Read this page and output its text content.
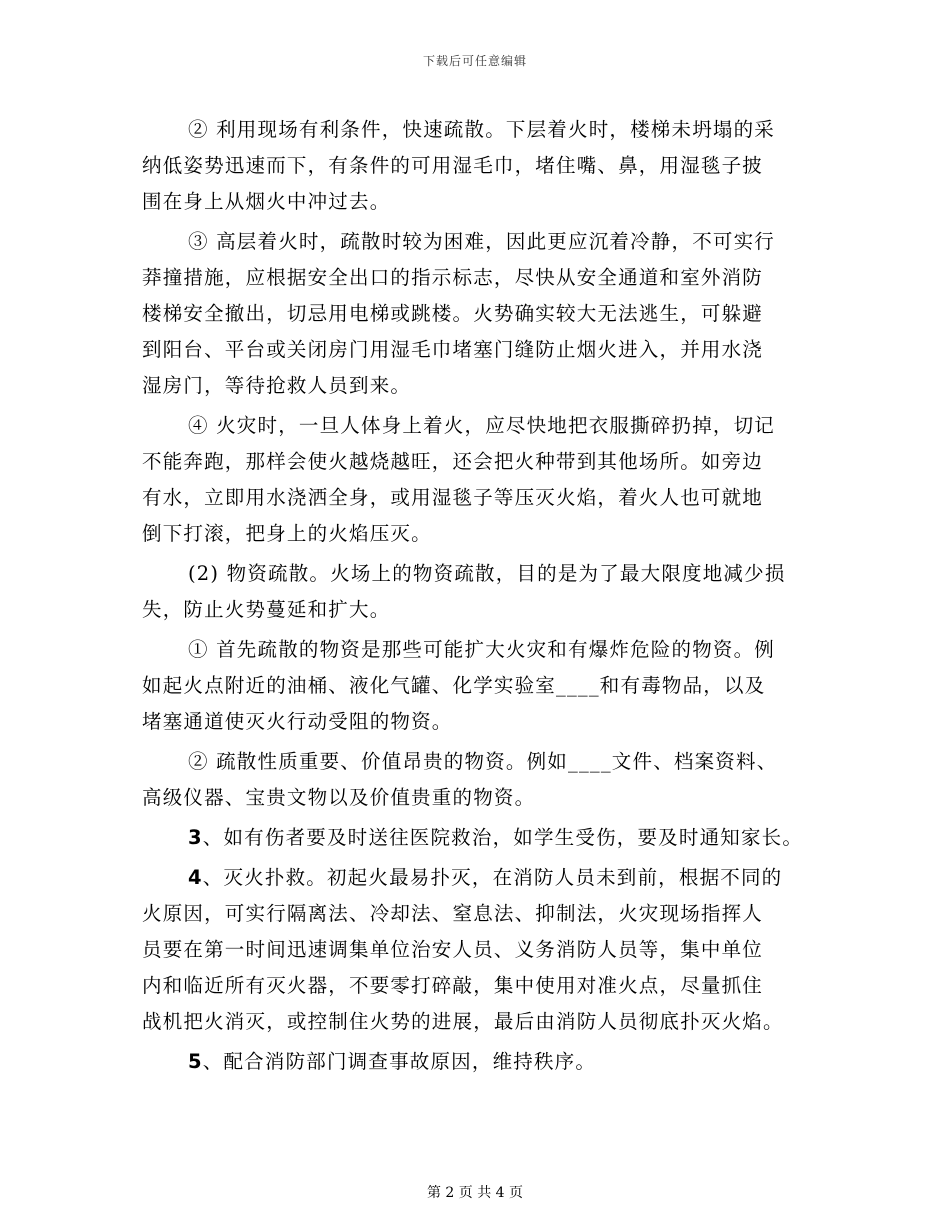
下载后可任意编辑
② 利用现场有利条件，快速疏散。下层着火时，楼梯未坍塌的采
纳低姿势迅速而下，有条件的可用湿毛巾，堵住嘴、鼻，用湿毯子披
围在身上从烟火中冲过去。
③ 高层着火时，疏散时较为困难，因此更应沉着冷静，不可实行
莽撞措施，应根据安全出口的指示标志，尽快从安全通道和室外消防
楼梯安全撤出，切忌用电梯或跳楼。火势确实较大无法逃生，可躲避
到阳台、平台或关闭房门用湿毛巾堵塞门缝防止烟火进入，并用水浇
湿房门，等待抢救人员到来。
④ 火灾时，一旦人体身上着火，应尽快地把衣服撕碎扔掉，切记
不能奔跑，那样会使火越烧越旺，还会把火种带到其他场所。如旁边
有水，立即用水浇洒全身，或用湿毯子等压灭火焰，着火人也可就地
倒下打滚，把身上的火焰压灭。
(2) 物资疏散。火场上的物资疏散，目的是为了最大限度地减少损
失，防止火势蔓延和扩大。
① 首先疏散的物资是那些可能扩大火灾和有爆炸危险的物资。例
如起火点附近的油桶、液化气罐、化学实验室____和有毒物品，以及
堵塞通道使灭火行动受阻的物资。
② 疏散性质重要、价值昂贵的物资。例如____文件、档案资料、
高级仪器、宝贵文物以及价值贵重的物资。
3、如有伤者要及时送往医院救治，如学生受伤，要及时通知家长。
4、灭火扑救。初起火最易扑灭，在消防人员未到前，根据不同的
火原因，可实行隔离法、冷却法、窒息法、抑制法，火灾现场指挥人
员要在第一时间迅速调集单位治安人员、义务消防人员等，集中单位
内和临近所有灭火器，不要零打碎敲，集中使用对准火点，尽量抓住
战机把火消灭，或控制住火势的进展，最后由消防人员彻底扑灭火焰。
5、配合消防部门调查事故原因，维持秩序。
第 2 页 共 4 页
